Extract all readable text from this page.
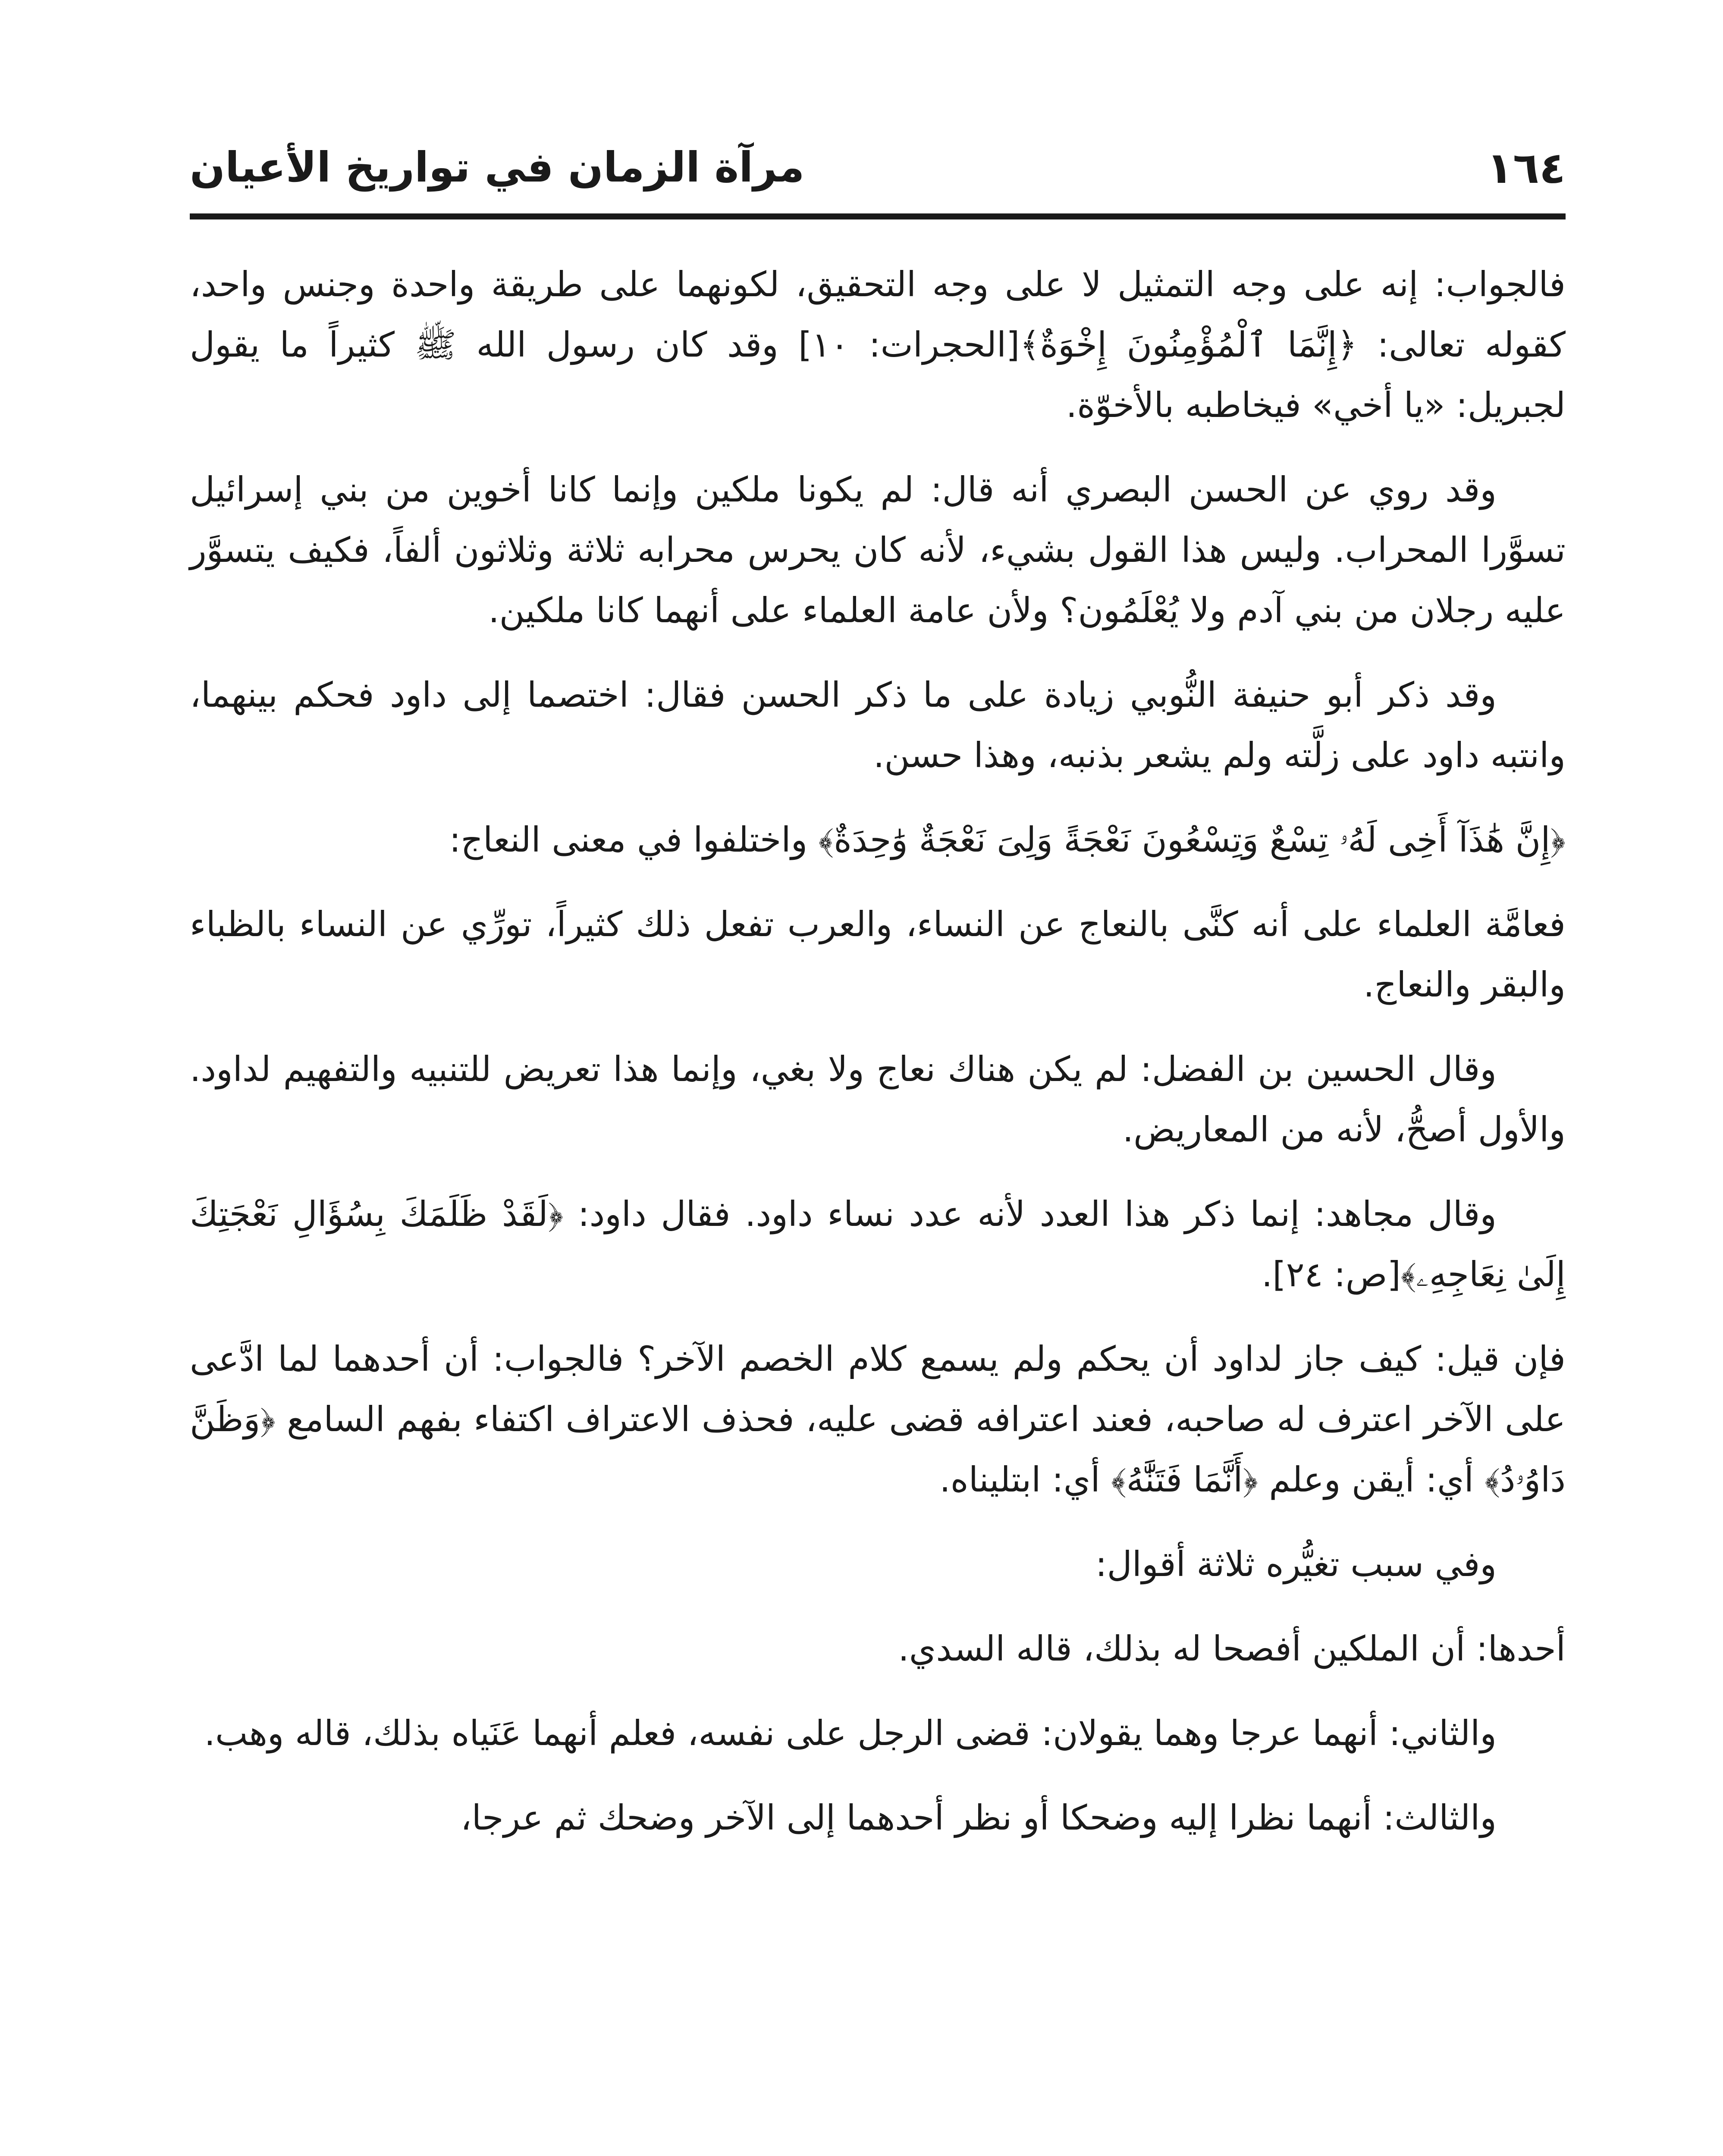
١٦٤
مرآة الزمان في تواريخ الأعيان

فالجواب: إنه على وجه التمثيل لا على وجه التحقيق، لكونهما على طريقة واحدة وجنس واحد، كقوله تعالى: ﴿إِنَّمَا ٱلْمُؤْمِنُونَ إِخْوَةٌ﴾[الحجرات: ١٠] وقد كان رسول الله ﷺ كثيراً ما يقول لجبريل: «يا أخي» فيخاطبه بالأخوّة.

وقد روي عن الحسن البصري أنه قال: لم يكونا ملكين وإنما كانا أخوين من بني إسرائيل تسوَّرا المحراب. وليس هذا القول بشيء، لأنه كان يحرس محرابه ثلاثة وثلاثون ألفاً، فكيف يتسوَّر عليه رجلان من بني آدم ولا يُعْلَمُون؟ ولأن عامة العلماء على أنهما كانا ملكين.

وقد ذكر أبو حنيفة النُّوبي زيادة على ما ذكر الحسن فقال: اختصما إلى داود فحكم بينهما، وانتبه داود على زلَّته ولم يشعر بذنبه، وهذا حسن.

﴿إِنَّ هَٰذَآ أَخِى لَهُۥ تِسْعٌ وَتِسْعُونَ نَعْجَةً وَلِىَ نَعْجَةٌ وَٰحِدَةٌ﴾ واختلفوا في معنى النعاج:

فعامَّة العلماء على أنه كنَّى بالنعاج عن النساء، والعرب تفعل ذلك كثيراً، تورِّي عن النساء بالظباء والبقر والنعاج.

وقال الحسين بن الفضل: لم يكن هناك نعاج ولا بغي، وإنما هذا تعريض للتنبيه والتفهيم لداود. والأول أصحُّ، لأنه من المعاريض.

وقال مجاهد: إنما ذكر هذا العدد لأنه عدد نساء داود. فقال داود: ﴿لَقَدْ ظَلَمَكَ بِسُؤَالِ نَعْجَتِكَ إِلَىٰ نِعَاجِهِۦ﴾[ص: ٢٤].

فإن قيل: كيف جاز لداود أن يحكم ولم يسمع كلام الخصم الآخر؟ فالجواب: أن أحدهما لما ادَّعى على الآخر اعترف له صاحبه، فعند اعترافه قضى عليه، فحذف الاعتراف اكتفاء بفهم السامع ﴿وَظَنَّ دَاوُۥدُ﴾ أي: أيقن وعلم ﴿أَنَّمَا فَتَنَّٰهُ﴾ أي: ابتليناه.

وفي سبب تغيُّره ثلاثة أقوال:

أحدها: أن الملكين أفصحا له بذلك، قاله السدي.

والثاني: أنهما عرجا وهما يقولان: قضى الرجل على نفسه، فعلم أنهما عَنَياه بذلك، قاله وهب.

والثالث: أنهما نظرا إليه وضحكا أو نظر أحدهما إلى الآخر وضحك ثم عرجا،
